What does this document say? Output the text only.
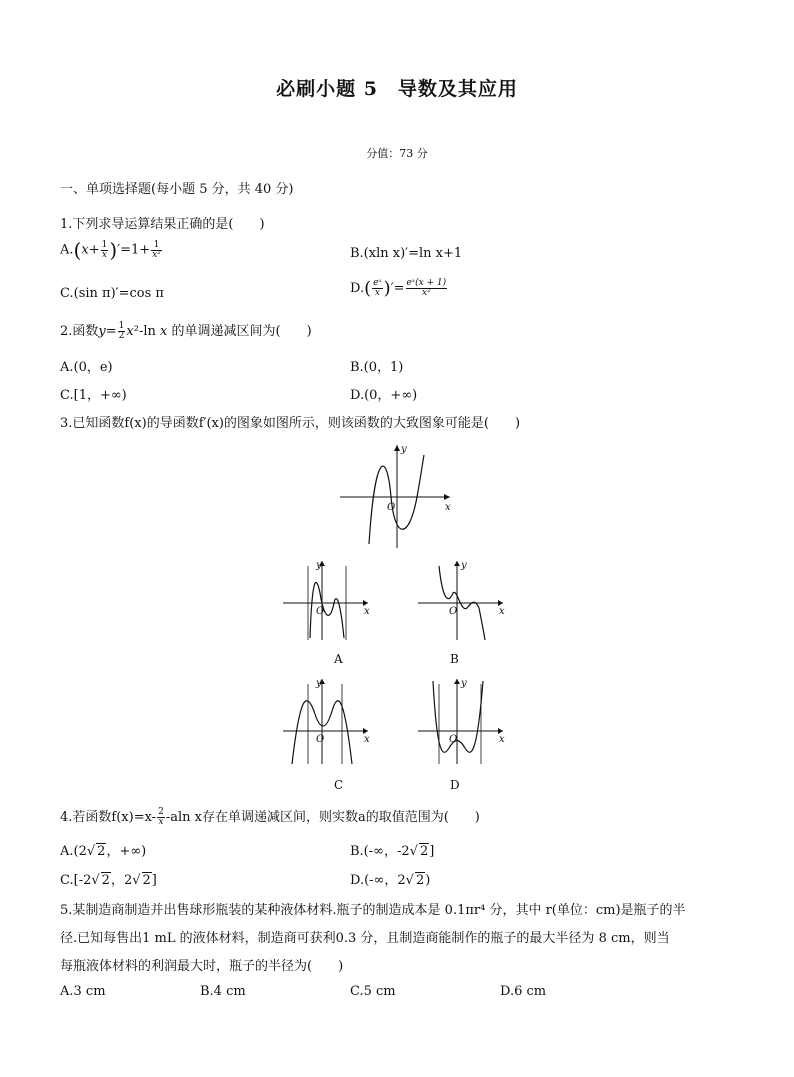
必刷小题 5　导数及其应用
分值：73 分
一、单项选择题(每小题 5 分，共 40 分)
1.下列求导运算结果正确的是(　　)
$A.(x+ \frac{1}{x} )'=1+ \frac{1}{\text{x²}}$	B.(xln x)′=ln x+1
C.(sin π)′=cos π	$D.( \frac{\text{eˣ}}{x}$ )′= $\frac{\text{eˣ(x + 1)}}{\text{x²}}$
2.函数$y= \frac{1}{2} x^2-\ln$ x 的单调递减区间为(　　)
A.(0，e)	B.(0，1)
C.[1，+∞)	D.(0，+∞)
3.已知函数f(x)的导函数f′(x)的图象如图所示，则该函数的大致图象可能是(　　)
y
x
O
y
x
O
A
y
x
O
B
y
x
O
C
y
x
O
D
4.若函数$f(x)=x- \frac{2}{x} -aln$ x存在单调递减区间，则实数a的取值范围为(　　)
A.(2√ 2，+∞)	B.(-∞，-2√ 2]
C.[-2√ 2，2√ 2]	D.(-∞，2√ 2)
5.某制造商制造并出售球形瓶装的某种液体材料.瓶子的制造成本是 0.1πr⁴ 分，其中 r(单位：cm)是瓶子的半
径.已知每售出1 mL 的液体材料，制造商可获利0.3 分，且制造商能制作的瓶子的最大半径为 8 cm，则当
每瓶液体材料的利润最大时，瓶子的半径为(　　)
A.3 cm	B.4 cm	C.5 cm	D.6 cm
